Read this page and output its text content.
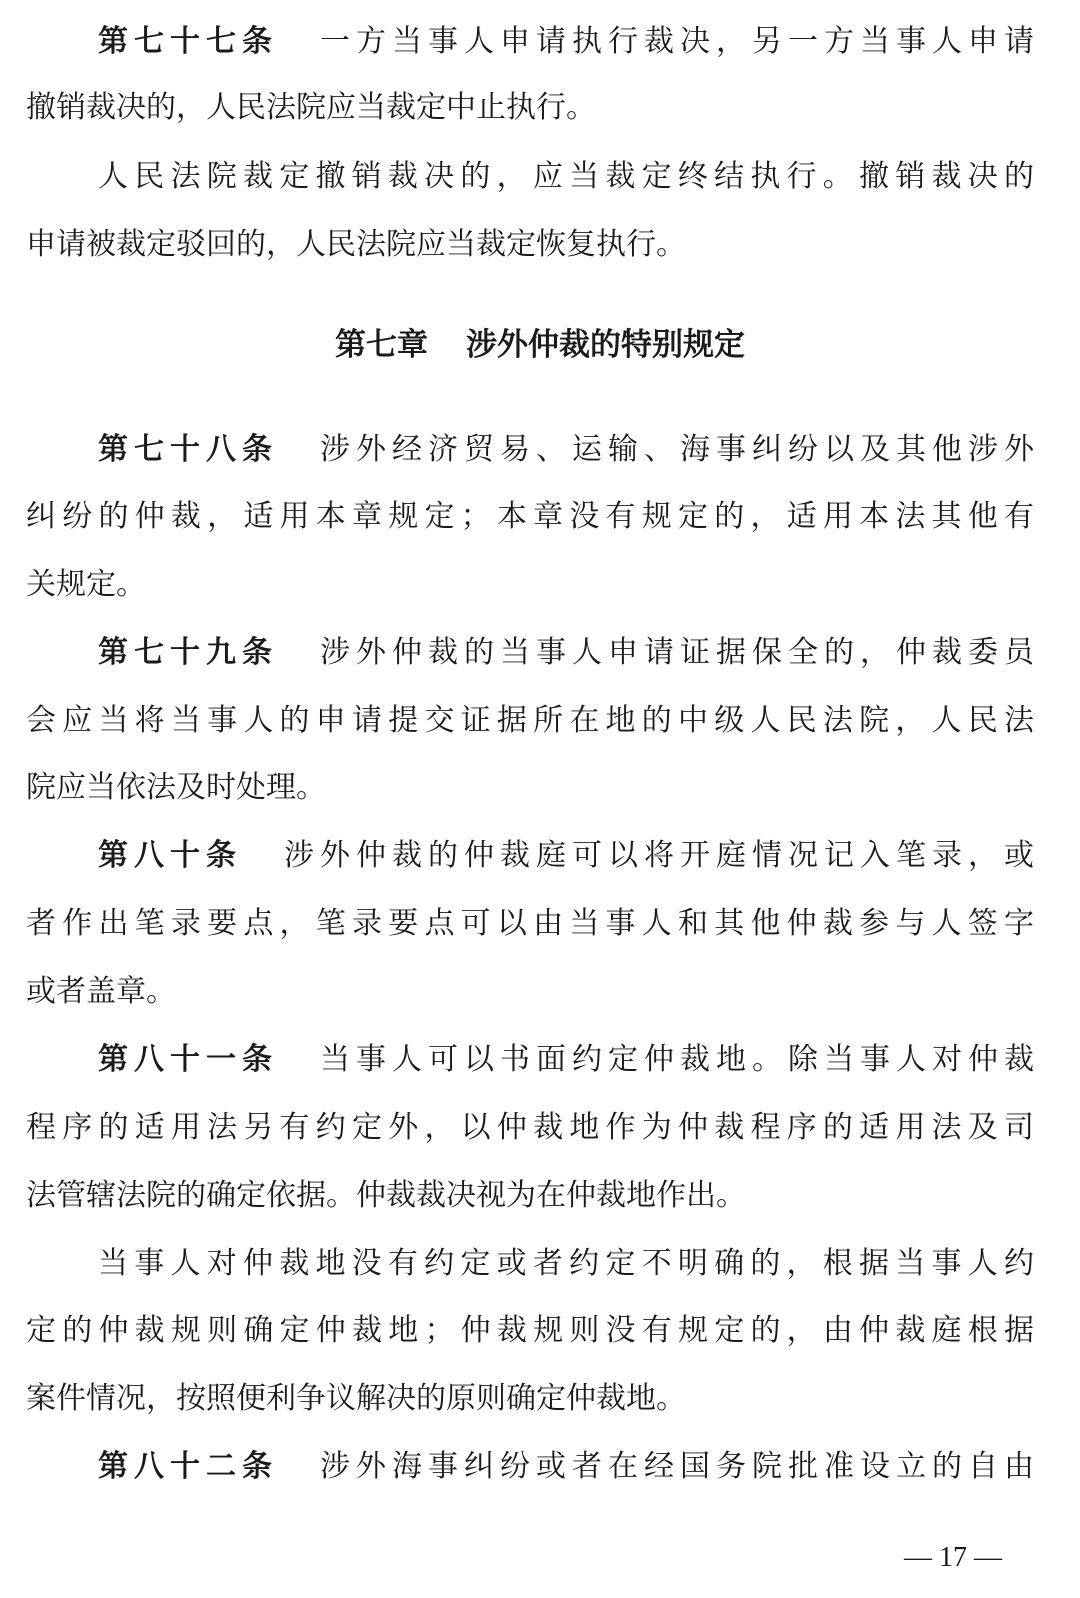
第七十七条 一方当事人申请执行裁决，另一方当事人申请
撤销裁决的，人民法院应当裁定中止执行。
人民法院裁定撤销裁决的，应当裁定终结执行。撤销裁决的
申请被裁定驳回的，人民法院应当裁定恢复执行。
第七章 涉外仲裁的特别规定
第七十八条 涉外经济贸易、运输、海事纠纷以及其他涉外
纠纷的仲裁，适用本章规定；本章没有规定的，适用本法其他有
关规定。
第七十九条 涉外仲裁的当事人申请证据保全的，仲裁委员
会应当将当事人的申请提交证据所在地的中级人民法院，人民法
院应当依法及时处理。
第八十条 涉外仲裁的仲裁庭可以将开庭情况记入笔录，或
者作出笔录要点，笔录要点可以由当事人和其他仲裁参与人签字
或者盖章。
第八十一条 当事人可以书面约定仲裁地。除当事人对仲裁
程序的适用法另有约定外，以仲裁地作为仲裁程序的适用法及司
法管辖法院的确定依据。仲裁裁决视为在仲裁地作出。
当事人对仲裁地没有约定或者约定不明确的，根据当事人约
定的仲裁规则确定仲裁地；仲裁规则没有规定的，由仲裁庭根据
案件情况，按照便利争议解决的原则确定仲裁地。
第八十二条 涉外海事纠纷或者在经国务院批准设立的自由
— 17 —
